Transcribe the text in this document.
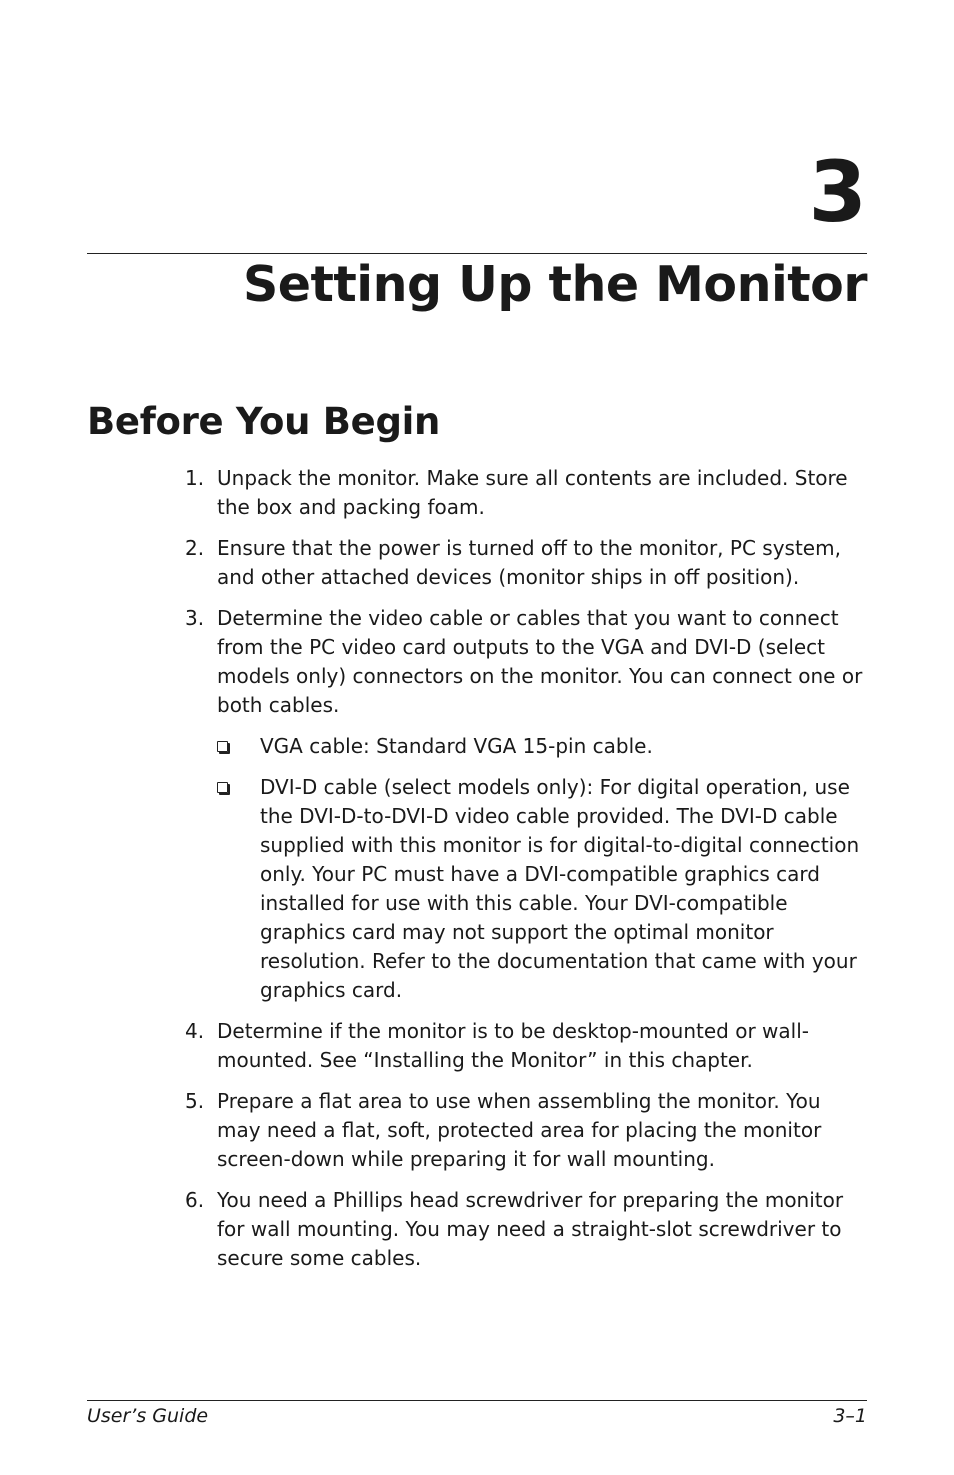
3
Setting Up the Monitor
Before You Begin
1. Unpack the monitor. Make sure all contents are included. Store the box and packing foam.
2. Ensure that the power is turned off to the monitor, PC system, and other attached devices (monitor ships in off position).
3. Determine the video cable or cables that you want to connect from the PC video card outputs to the VGA and DVI-D (select models only) connectors on the monitor. You can connect one or both cables.
VGA cable: Standard VGA 15-pin cable.
DVI-D cable (select models only): For digital operation, use the DVI-D-to-DVI-D video cable provided. The DVI-D cable supplied with this monitor is for digital-to-digital connection only. Your PC must have a DVI-compatible graphics card installed for use with this cable. Your DVI-compatible graphics card may not support the optimal monitor resolution. Refer to the documentation that came with your graphics card.
4. Determine if the monitor is to be desktop-mounted or wall-mounted. See “Installing the Monitor” in this chapter.
5. Prepare a flat area to use when assembling the monitor. You may need a flat, soft, protected area for placing the monitor screen-down while preparing it for wall mounting.
6. You need a Phillips head screwdriver for preparing the monitor for wall mounting. You may need a straight-slot screwdriver to secure some cables.
User’s Guide	3–1
